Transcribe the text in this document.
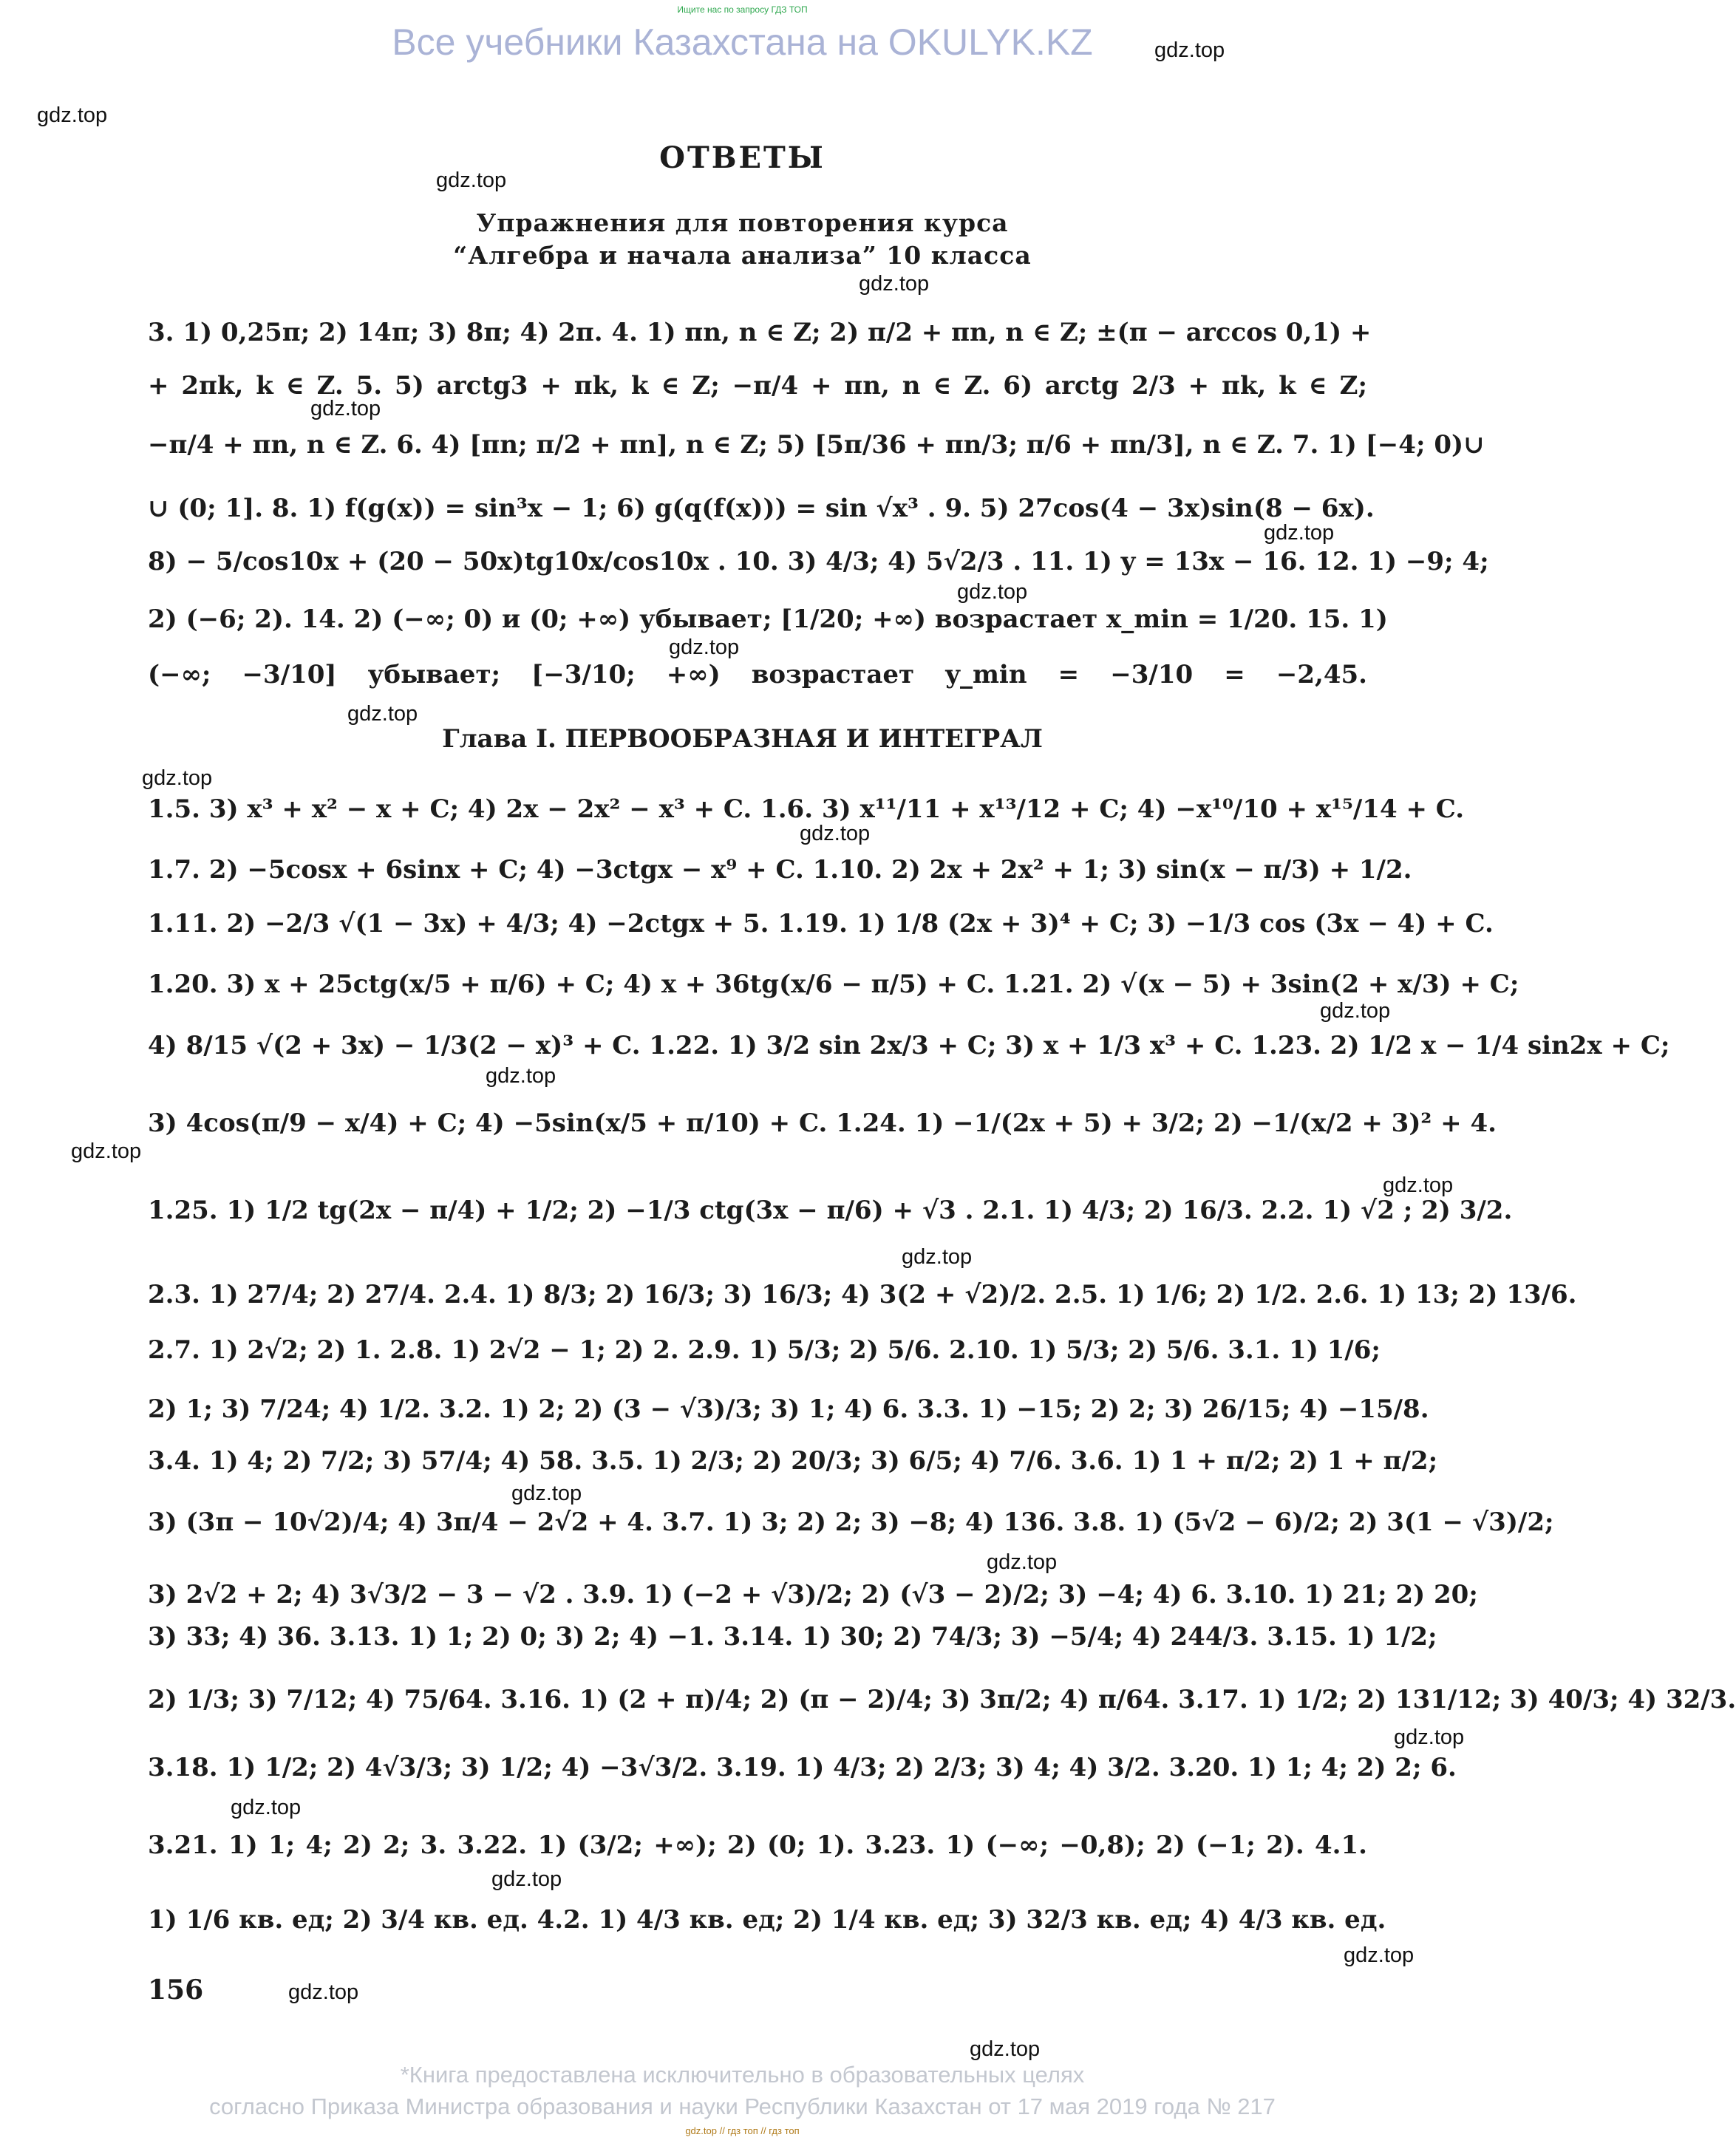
Ищите нас по запросу ГДЗ ТОП
Все учебники Казахстана на OKULYK.KZ	gdz.top
gdz.top
gdz.top
gdz.top
gdz.top
gdz.top
gdz.top
gdz.top
gdz.top
gdz.top
gdz.top
gdz.top
gdz.top
gdz.top
gdz.top
gdz.top
gdz.top
gdz.top
gdz.top
gdz.top
gdz.top
gdz.top
gdz.top
gdz.top
ОТВЕТЫ
Упражнения для повторения курса
“Алгебра и начала анализа” 10 класса
3. 1) 0,25π; 2) 14π; 3) 8π; 4) 2π. 4. 1) πn, n ∈ Z; 2) π/2 + πn, n ∈ Z; ±(π − arccos 0,1) +
+ 2πk, k ∈ Z. 5. 5) arctg3 + πk, k ∈ Z; −π/4 + πn, n ∈ Z. 6) arctg 2/3 + πk, k ∈ Z;
−π/4 + πn, n ∈ Z. 6. 4) [πn; π/2 + πn], n ∈ Z; 5) [5π/36 + πn/3; π/6 + πn/3], n ∈ Z. 7. 1) [−4; 0)∪
∪ (0; 1]. 8. 1) f(g(x)) = sin³x − 1; 6) g(q(f(x))) = sin √x³ . 9. 5) 27cos(4 − 3x)sin(8 − 6x).
8) − 5/cos10x + (20 − 50x)tg10x/cos10x . 10. 3) 4/3; 4) 5√2/3 . 11. 1) y = 13x − 16. 12. 1) −9; 4;
2) (−6; 2). 14. 2) (−∞; 0) и (0; +∞) убывает; [1/20; +∞) возрастает x_min = 1/20. 15. 1)
(−∞; −3/10] убывает; [−3/10; +∞) возрастает y_min = −3/10 = −2,45.
Глава I. ПЕРВООБРАЗНАЯ И ИНТЕГРАЛ
1.5. 3) x³ + x² − x + C; 4) 2x − 2x² − x³ + C. 1.6. 3) x¹¹/11 + x¹³/12 + C; 4) −x¹⁰/10 + x¹⁵/14 + C.
1.7. 2) −5cosx + 6sinx + C; 4) −3ctgx − x⁹ + C. 1.10. 2) 2x + 2x² + 1; 3) sin(x − π/3) + 1/2.
1.11. 2) −2/3 √(1 − 3x) + 4/3; 4) −2ctgx + 5. 1.19. 1) 1/8 (2x + 3)⁴ + C; 3) −1/3 cos (3x − 4) + C.
1.20. 3) x + 25ctg(x/5 + π/6) + C; 4) x + 36tg(x/6 − π/5) + C. 1.21. 2) √(x − 5) + 3sin(2 + x/3) + C;
4) 8/15 √(2 + 3x) − 1/3(2 − x)³ + C. 1.22. 1) 3/2 sin 2x/3 + C; 3) x + 1/3 x³ + C. 1.23. 2) 1/2 x − 1/4 sin2x + C;
3) 4cos(π/9 − x/4) + C; 4) −5sin(x/5 + π/10) + C. 1.24. 1) −1/(2x + 5) + 3/2; 2) −1/(x/2 + 3)² + 4.
1.25. 1) 1/2 tg(2x − π/4) + 1/2; 2) −1/3 ctg(3x − π/6) + √3 . 2.1. 1) 4/3; 2) 16/3. 2.2. 1) √2 ; 2) 3/2.
2.3. 1) 27/4; 2) 27/4. 2.4. 1) 8/3; 2) 16/3; 3) 16/3; 4) 3(2 + √2)/2. 2.5. 1) 1/6; 2) 1/2. 2.6. 1) 13; 2) 13/6.
2.7. 1) 2√2; 2) 1. 2.8. 1) 2√2 − 1; 2) 2. 2.9. 1) 5/3; 2) 5/6. 2.10. 1) 5/3; 2) 5/6. 3.1. 1) 1/6;
2) 1; 3) 7/24; 4) 1/2. 3.2. 1) 2; 2) (3 − √3)/3; 3) 1; 4) 6. 3.3. 1) −15; 2) 2; 3) 26/15; 4) −15/8.
3.4. 1) 4; 2) 7/2; 3) 57/4; 4) 58. 3.5. 1) 2/3; 2) 20/3; 3) 6/5; 4) 7/6. 3.6. 1) 1 + π/2; 2) 1 + π/2;
3) (3π − 10√2)/4; 4) 3π/4 − 2√2 + 4. 3.7. 1) 3; 2) 2; 3) −8; 4) 136. 3.8. 1) (5√2 − 6)/2; 2) 3(1 − √3)/2;
3) 2√2 + 2; 4) 3√3/2 − 3 − √2 . 3.9. 1) (−2 + √3)/2; 2) (√3 − 2)/2; 3) −4; 4) 6. 3.10. 1) 21; 2) 20;
3) 33; 4) 36. 3.13. 1) 1; 2) 0; 3) 2; 4) −1. 3.14. 1) 30; 2) 74/3; 3) −5/4; 4) 244/3. 3.15. 1) 1/2;
2) 1/3; 3) 7/12; 4) 75/64. 3.16. 1) (2 + π)/4; 2) (π − 2)/4; 3) 3π/2; 4) π/64. 3.17. 1) 1/2; 2) 131/12; 3) 40/3; 4) 32/3.
3.18. 1) 1/2; 2) 4√3/3; 3) 1/2; 4) −3√3/2. 3.19. 1) 4/3; 2) 2/3; 3) 4; 4) 3/2. 3.20. 1) 1; 4; 2) 2; 6.
3.21. 1) 1; 4; 2) 2; 3. 3.22. 1) (3/2; +∞); 2) (0; 1). 3.23. 1) (−∞; −0,8); 2) (−1; 2). 4.1.
1) 1/6 кв. ед; 2) 3/4 кв. ед. 4.2. 1) 4/3 кв. ед; 2) 1/4 кв. ед; 3) 32/3 кв. ед; 4) 4/3 кв. ед.
156
*Книга предоставлена исключительно в образовательных целях
согласно Приказа Министра образования и науки Республики Казахстан от 17 мая 2019 года № 217
gdz.top // гдз топ // гдз топ
